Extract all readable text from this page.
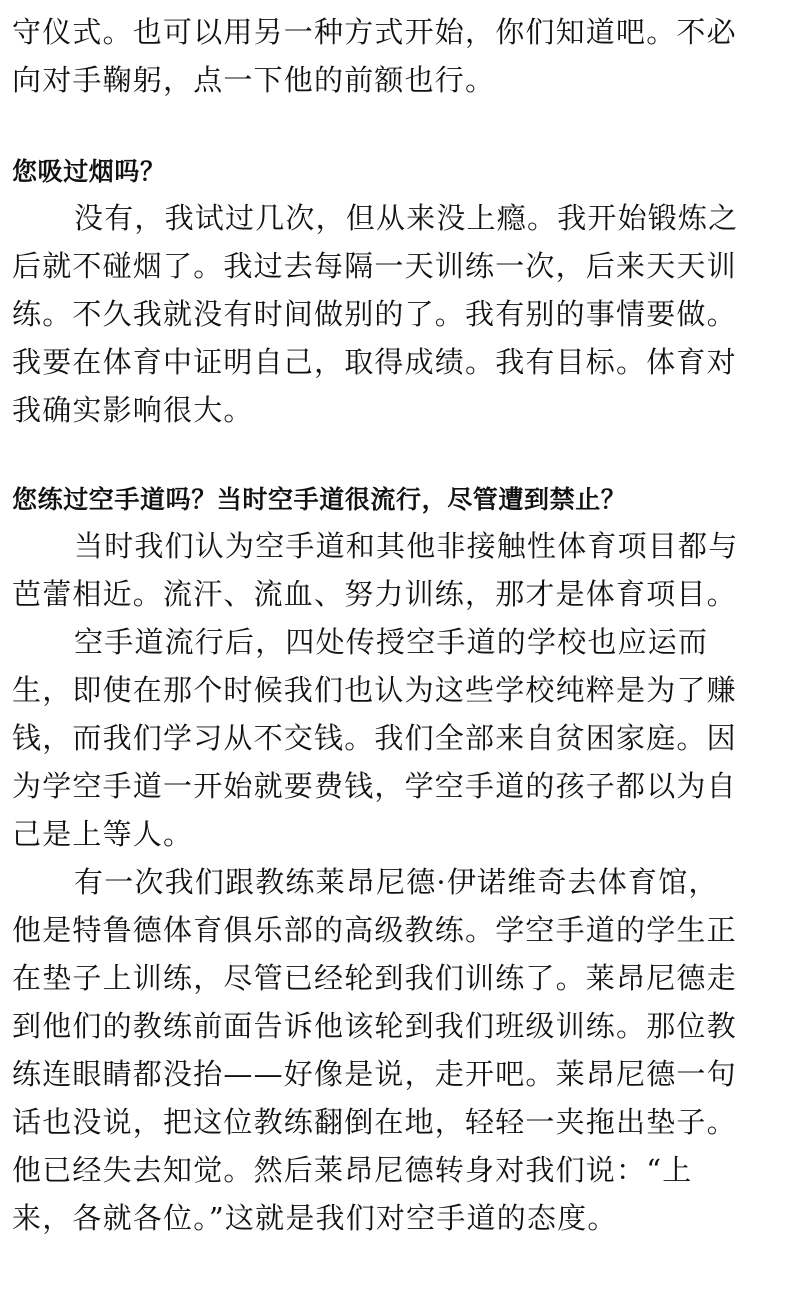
守仪式。也可以用另一种方式开始，你们知道吧。不必
向对手鞠躬，点一下他的前额也行。
您吸过烟吗？
没有，我试过几次，但从来没上瘾。我开始锻炼之
后就不碰烟了。我过去每隔一天训练一次，后来天天训
练。不久我就没有时间做别的了。我有别的事情要做。
我要在体育中证明自己，取得成绩。我有目标。体育对
我确实影响很大。
您练过空手道吗？当时空手道很流行，尽管遭到禁止？
当时我们认为空手道和其他非接触性体育项目都与
芭蕾相近。流汗、流血、努力训练，那才是体育项目。
空手道流行后，四处传授空手道的学校也应运而
生，即使在那个时候我们也认为这些学校纯粹是为了赚
钱，而我们学习从不交钱。我们全部来自贫困家庭。因
为学空手道一开始就要费钱，学空手道的孩子都以为自
己是上等人。
有一次我们跟教练莱昂尼德·伊诺维奇去体育馆，
他是特鲁德体育俱乐部的高级教练。学空手道的学生正
在垫子上训练，尽管已经轮到我们训练了。莱昂尼德走
到他们的教练前面告诉他该轮到我们班级训练。那位教
练连眼睛都没抬——好像是说，走开吧。莱昂尼德一句
话也没说，把这位教练翻倒在地，轻轻一夹拖出垫子。
他已经失去知觉。然后莱昂尼德转身对我们说：“上
来，各就各位。”这就是我们对空手道的态度。
